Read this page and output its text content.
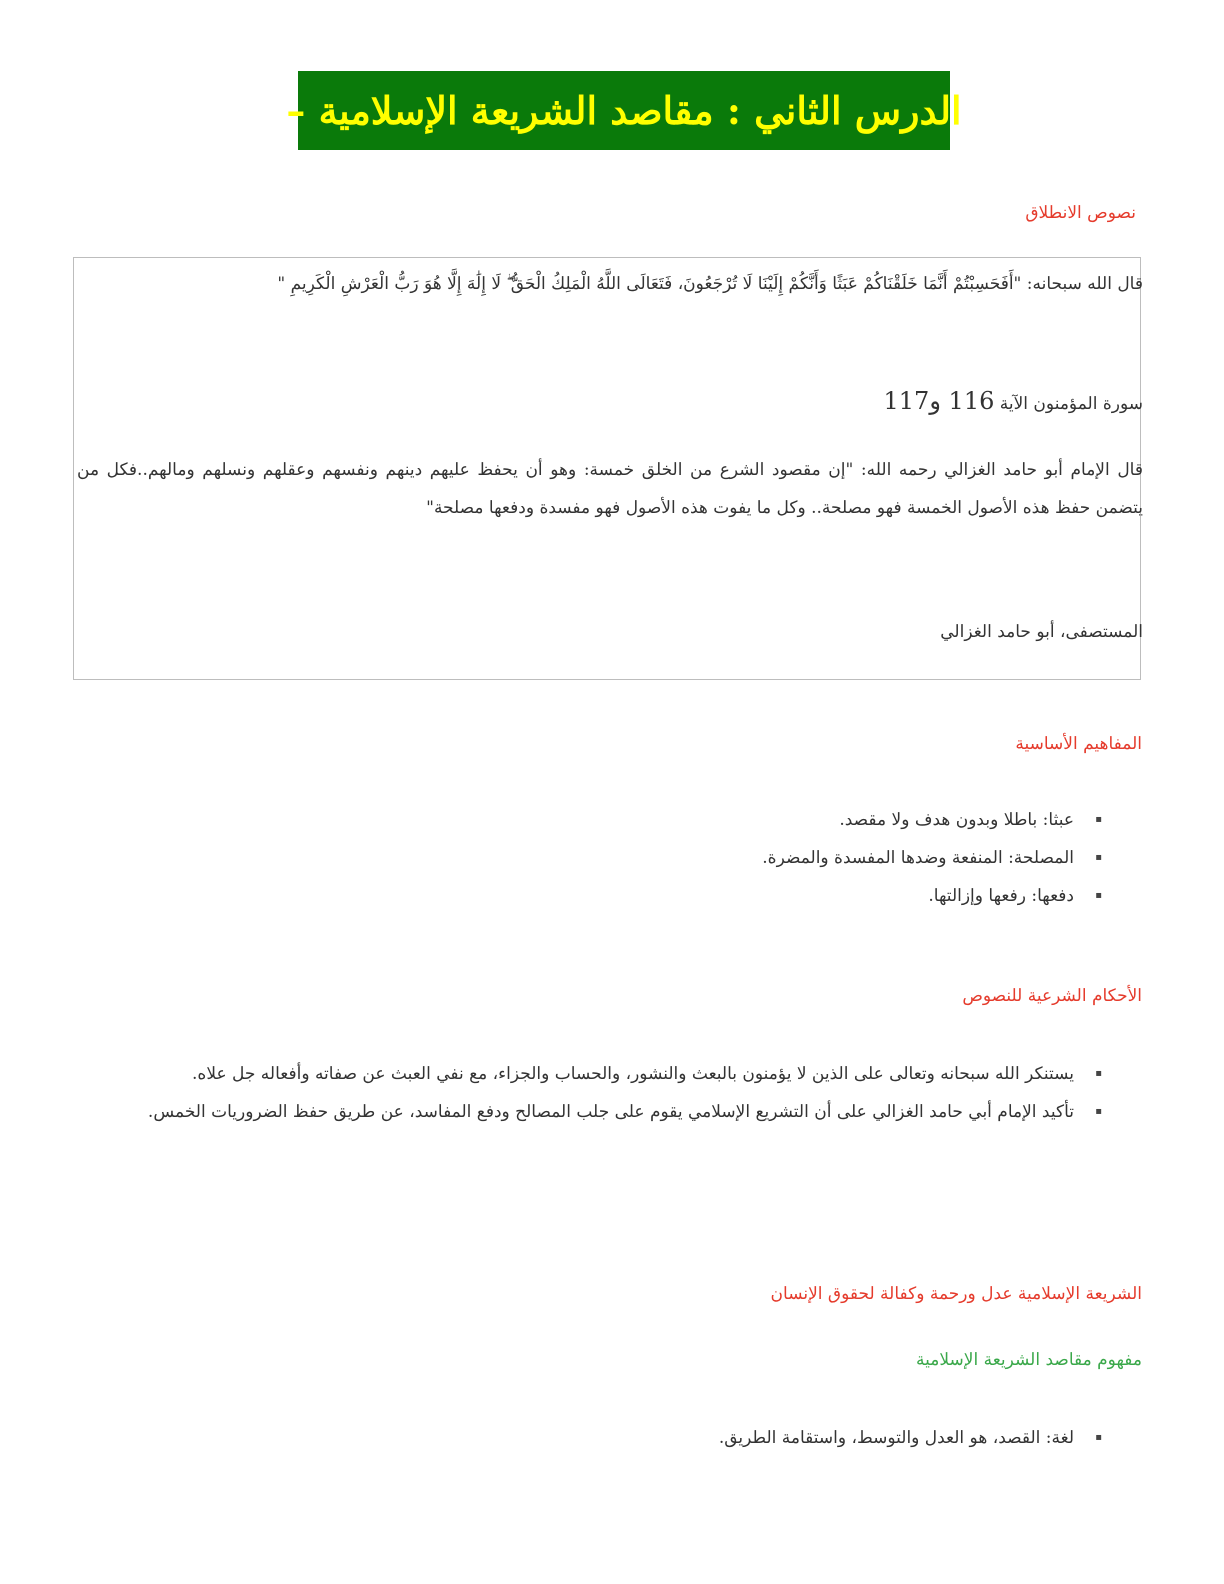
الدرس الثاني : مقاصد الشريعة الإسلامية –
نصوص الانطلاق
قال الله سبحانه: "أَفَحَسِبْتُمْ أَنَّمَا خَلَقْنَاكُمْ عَبَثًا وَأَنَّكُمْ إِلَيْنَا لَا تُرْجَعُونَ، فَتَعَالَى اللَّهُ الْمَلِكُ الْحَقُّ ۖ لَا إِلَٰهَ إِلَّا هُوَ رَبُّ الْعَرْشِ الْكَرِيمِ "
سورة المؤمنون الآية 116 و117
قال الإمام أبو حامد الغزالي رحمه الله: "إن مقصود الشرع من الخلق خمسة: وهو أن يحفظ عليهم دينهم ونفسهم وعقلهم ونسلهم ومالهم..فكل من يتضمن حفظ هذه الأصول الخمسة فهو مصلحة.. وكل ما يفوت هذه الأصول فهو مفسدة ودفعها مصلحة"
المستصفى، أبو حامد الغزالي
المفاهيم الأساسية
▪
عبثا: باطلا وبدون هدف ولا مقصد.
▪
المصلحة: المنفعة وضدها المفسدة والمضرة.
▪
دفعها: رفعها وإزالتها.
الأحكام الشرعية للنصوص
▪
يستنكر الله سبحانه وتعالى على الذين لا يؤمنون بالبعث والنشور، والحساب والجزاء، مع نفي العبث عن صفاته وأفعاله جل علاه.
▪
تأكيد الإمام أبي حامد الغزالي على أن التشريع الإسلامي يقوم على جلب المصالح ودفع المفاسد، عن طريق حفظ الضروريات الخمس.
الشريعة الإسلامية عدل ورحمة وكفالة لحقوق الإنسان
مفهوم مقاصد الشريعة الإسلامية
▪
لغة: القصد، هو العدل والتوسط، واستقامة الطريق.
